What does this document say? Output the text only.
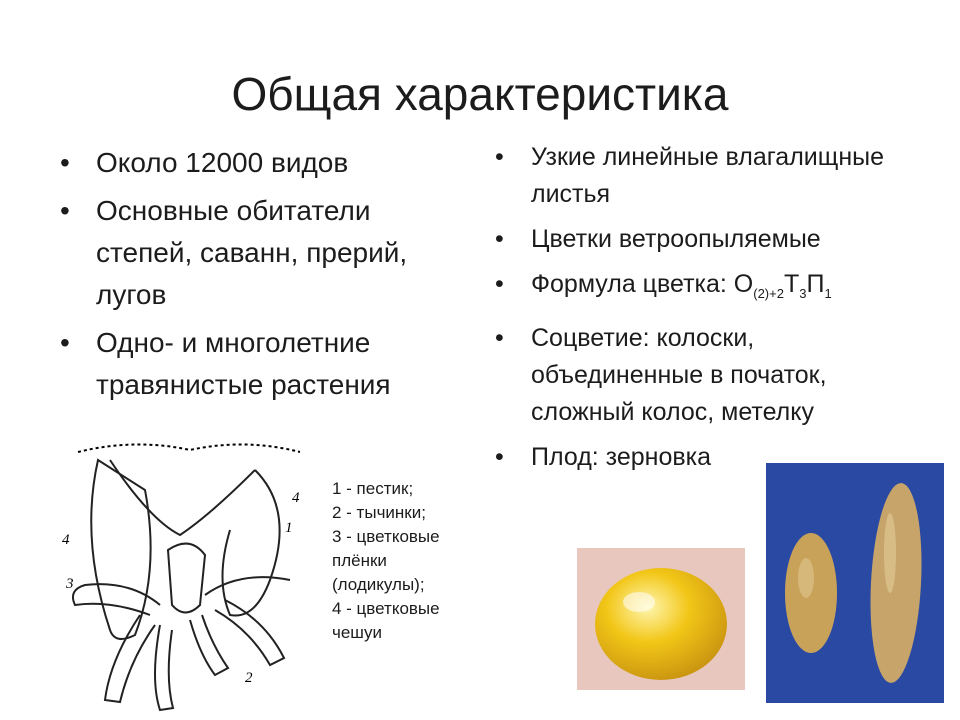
Общая характеристика
• Около 12000 видов
• Основные обитатели степей, саванн, прерий, лугов
• Одно- и многолетние травянистые растения
• Узкие линейные влагалищные листья
• Цветки ветроопыляемые
• Формула цветка: $О_{(2)+2}Т_3П_1$
• Соцветие: колоски, объединенные в початок, сложный колос, метелку
• Плод: зерновка
4
3
4
1
2
1 - пестик;
2 - тычинки;
3 - цветковые
плёнки
(лодикулы);
4 - цветковые
чешуи
